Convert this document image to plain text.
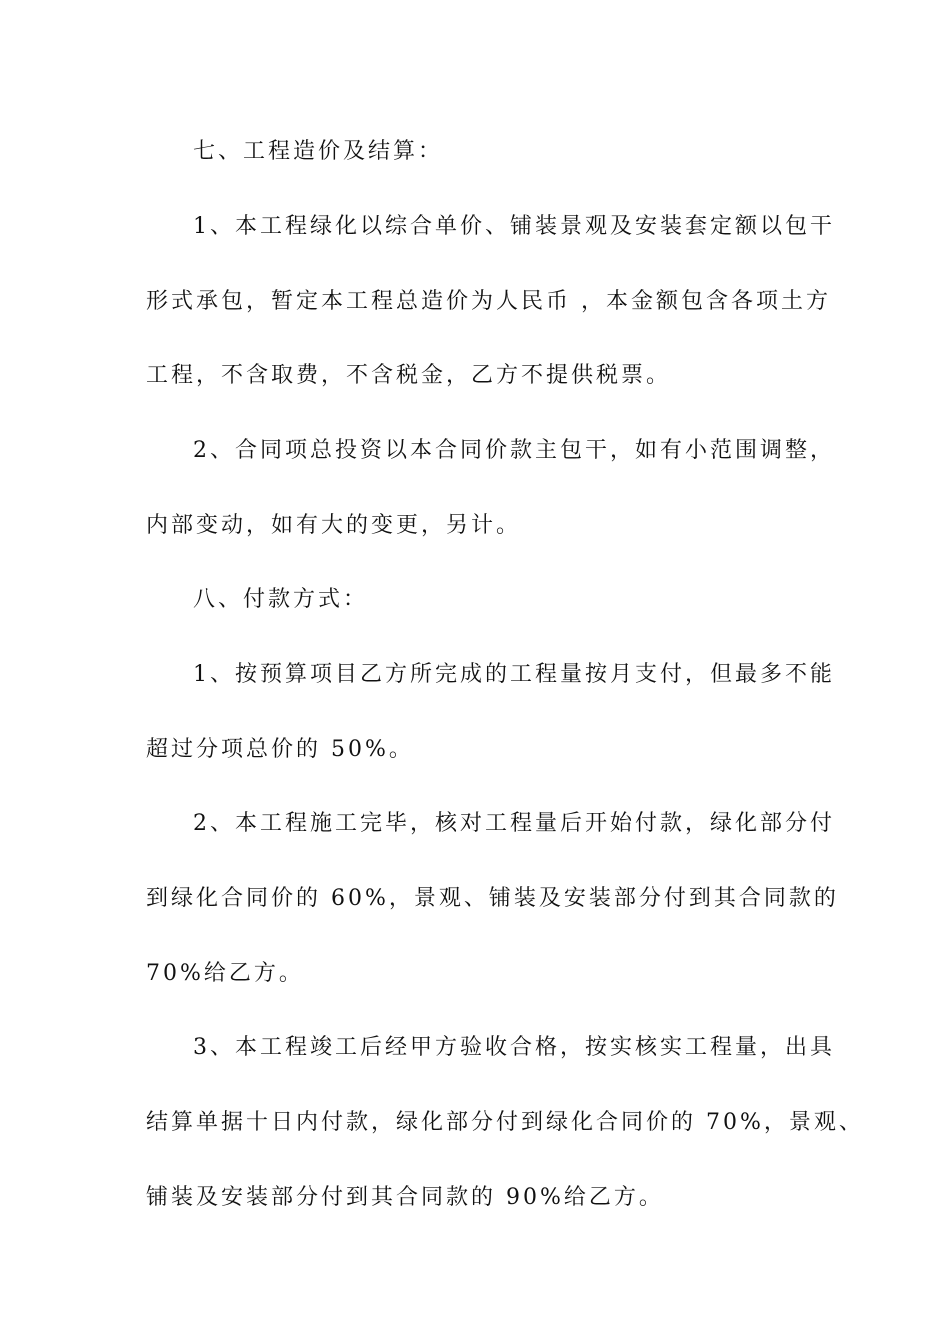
七、工程造价及结算：
1、本工程绿化以综合单价、铺装景观及安装套定额以包干
形式承包，暂定本工程总造价为人民币 ，本金额包含各项土方
工程，不含取费，不含税金，乙方不提供税票。
2、合同项总投资以本合同价款主包干，如有小范围调整，
内部变动，如有大的变更，另计。
八、付款方式：
1、按预算项目乙方所完成的工程量按月支付，但最多不能
超过分项总价的 50%。
2、本工程施工完毕，核对工程量后开始付款，绿化部分付
到绿化合同价的 60%，景观、铺装及安装部分付到其合同款的
70%给乙方。
3、本工程竣工后经甲方验收合格，按实核实工程量，出具
结算单据十日内付款，绿化部分付到绿化合同价的 70%，景观、
铺装及安装部分付到其合同款的 90%给乙方。
